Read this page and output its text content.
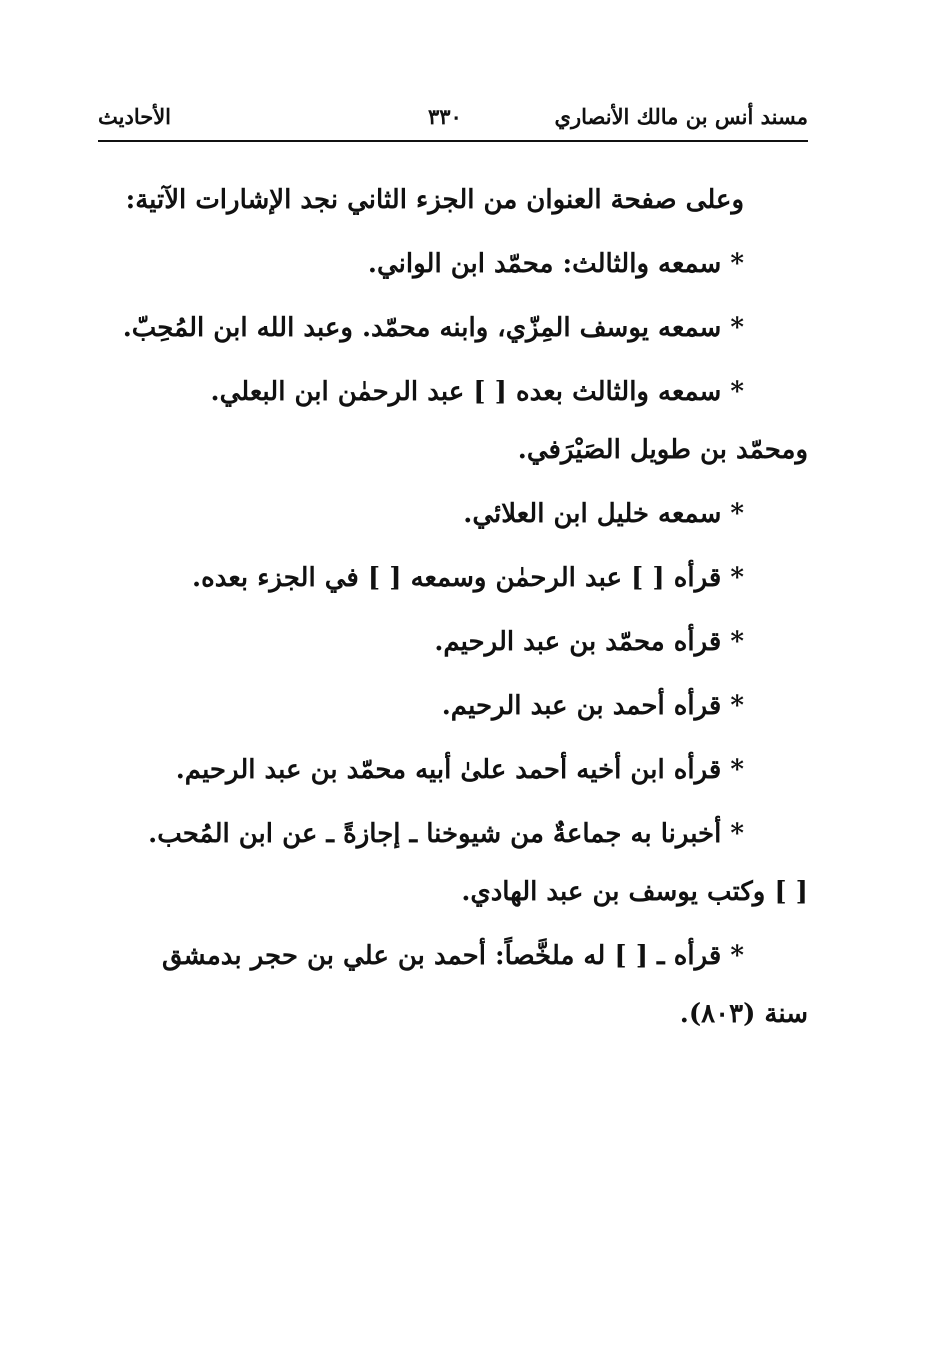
مسند أنس بن مالك الأنصاري
٣٣٠
الأحاديث
وعلى صفحة العنوان من الجزء الثاني نجد الإشارات الآتية:
* سمعه والثالث: محمّد ابن الواني.
* سمعه يوسف المِزّي، وابنه محمّد. وعبد الله ابن المُحِبّ.
* سمعه والثالث بعده [ ] عبد الرحمٰن ابن البعلي.
ومحمّد بن طويل الصَيْرَفي.
* سمعه خليل ابن العلائي.
* قرأه [ ] عبد الرحمٰن وسمعه [ ] في الجزء بعده.
* قرأه محمّد بن عبد الرحيم.
* قرأه أحمد بن عبد الرحيم.
* قرأه ابن أخيه أحمد علىٰ أبيه محمّد بن عبد الرحيم.
* أخبرنا به جماعةٌ من شيوخنا ـ إجازةً ـ عن ابن المُحب.
[ ] وكتب يوسف بن عبد الهادي.
* قرأه ـ [ ] له ملخَّصاً: أحمد بن علي بن حجر بدمشق
سنة (٨٠٣).
